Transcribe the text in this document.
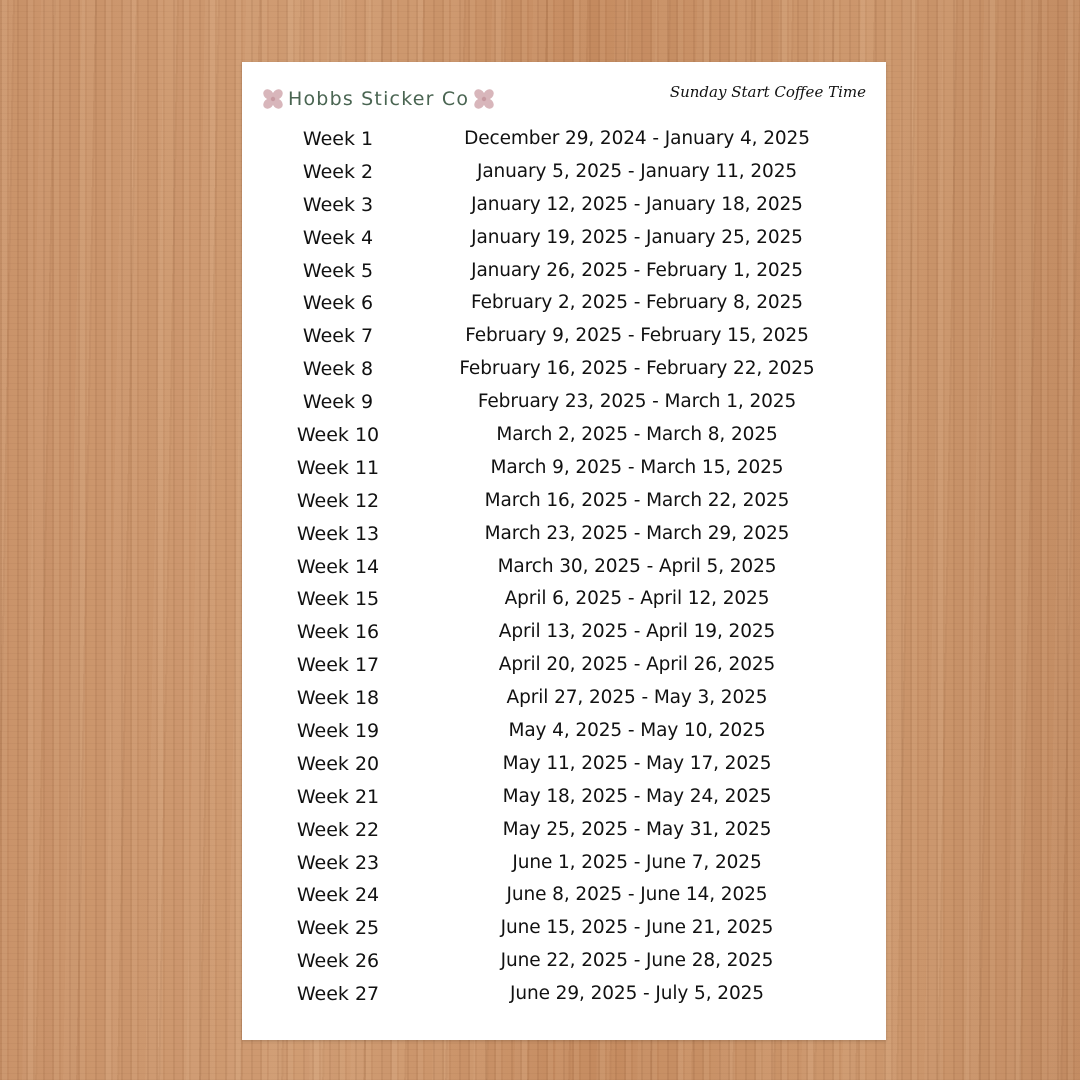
Hobbs Sticker Co	Sunday Start Coffee Time
Week 1	December 29, 2024 - January 4, 2025
Week 2	January 5, 2025 - January 11, 2025
Week 3	January 12, 2025 - January 18, 2025
Week 4	January 19, 2025 - January 25, 2025
Week 5	January 26, 2025 - February 1, 2025
Week 6	February 2, 2025 - February 8, 2025
Week 7	February 9, 2025 - February 15, 2025
Week 8	February 16, 2025 - February 22, 2025
Week 9	February 23, 2025 - March 1, 2025
Week 10	March 2, 2025 - March 8, 2025
Week 11	March 9, 2025 - March 15, 2025
Week 12	March 16, 2025 - March 22, 2025
Week 13	March 23, 2025 - March 29, 2025
Week 14	March 30, 2025 - April 5, 2025
Week 15	April 6, 2025 - April 12, 2025
Week 16	April 13, 2025 - April 19, 2025
Week 17	April 20, 2025 - April 26, 2025
Week 18	April 27, 2025 - May 3, 2025
Week 19	May 4, 2025 - May 10, 2025
Week 20	May 11, 2025 - May 17, 2025
Week 21	May 18, 2025 - May 24, 2025
Week 22	May 25, 2025 - May 31, 2025
Week 23	June 1, 2025 - June 7, 2025
Week 24	June 8, 2025 - June 14, 2025
Week 25	June 15, 2025 - June 21, 2025
Week 26	June 22, 2025 - June 28, 2025
Week 27	June 29, 2025 - July 5, 2025
